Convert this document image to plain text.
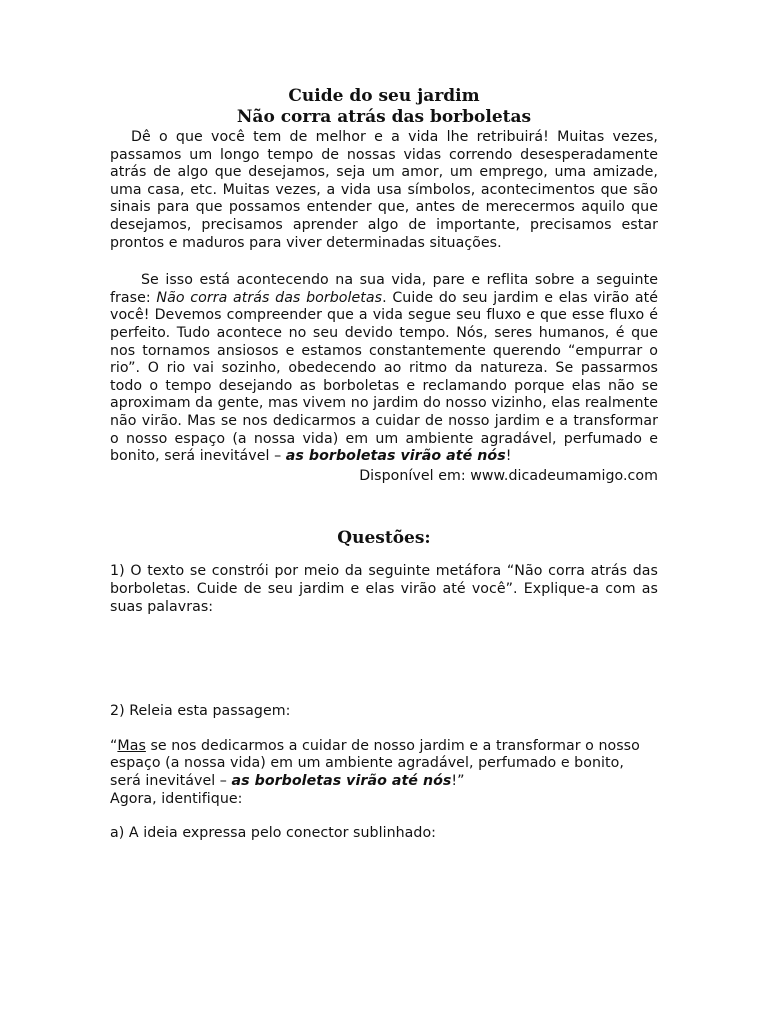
Cuide do seu jardim
Não corra atrás das borboletas

Dê o que você tem de melhor e a vida lhe retribuirá! Muitas vezes, passamos um longo tempo de nossas vidas correndo desesperadamente atrás de algo que desejamos, seja um amor, um emprego, uma amizade, uma casa, etc. Muitas vezes, a vida usa símbolos, acontecimentos que são sinais para que possamos entender que, antes de merecermos aquilo que desejamos, precisamos aprender algo de importante, precisamos estar prontos e maduros para viver determinadas situações.

Se isso está acontecendo na sua vida, pare e reflita sobre a seguinte frase: Não corra atrás das borboletas. Cuide do seu jardim e elas virão até você! Devemos compreender que a vida segue seu fluxo e que esse fluxo é perfeito. Tudo acontece no seu devido tempo. Nós, seres humanos, é que nos tornamos ansiosos e estamos constantemente querendo “empurrar o rio”. O rio vai sozinho, obedecendo ao ritmo da natureza. Se passarmos todo o tempo desejando as borboletas e reclamando porque elas não se aproximam da gente, mas vivem no jardim do nosso vizinho, elas realmente não virão. Mas se nos dedicarmos a cuidar de nosso jardim e a transformar o nosso espaço (a nossa vida) em um ambiente agradável, perfumado e bonito, será inevitável – as borboletas virão até nós!

Disponível em: www.dicadeumamigo.com

Questões:

1) O texto se constrói por meio da seguinte metáfora “Não corra atrás das borboletas. Cuide de seu jardim e elas virão até você”. Explique-a com as suas palavras:

2) Releia esta passagem:

“Mas se nos dedicarmos a cuidar de nosso jardim e a transformar o nosso espaço (a nossa vida) em um ambiente agradável, perfumado e bonito, será inevitável – as borboletas virão até nós!”
Agora, identifique:

a) A ideia expressa pelo conector sublinhado:
